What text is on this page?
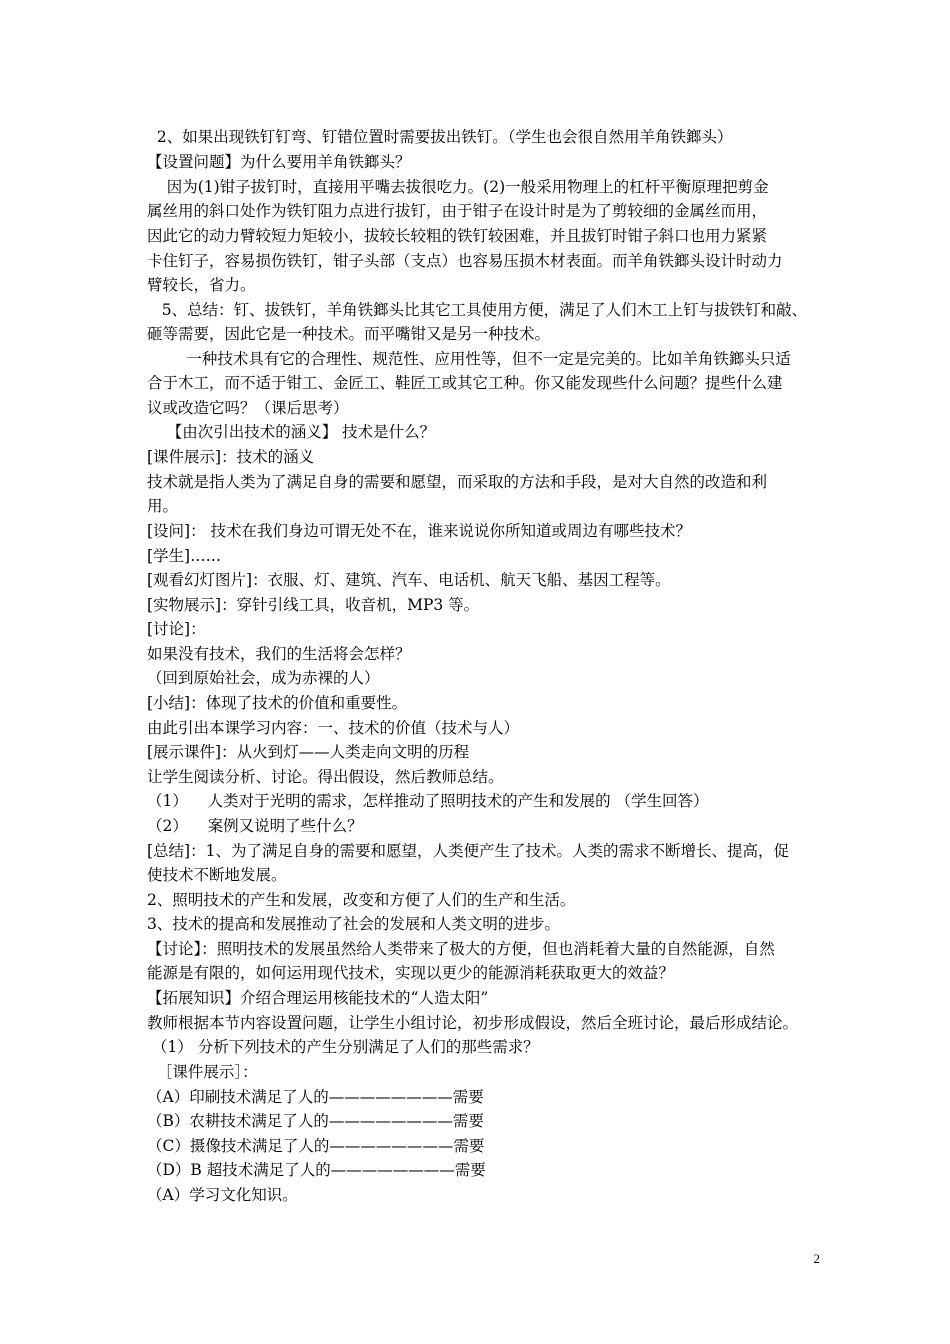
2、如果出现铁钉钉弯、钉错位置时需要拔出铁钉。（学生也会很自然用羊角铁鎯头）
【设置问题】为什么要用羊角铁鎯头？
因为(1)钳子拔钉时，直接用平嘴去拔很吃力。(2)一般采用物理上的杠杆平衡原理把剪金
属丝用的斜口处作为铁钉阻力点进行拔钉，由于钳子在设计时是为了剪较细的金属丝而用，
因此它的动力臂较短力矩较小，拔较长较粗的铁钉较困难，并且拔钉时钳子斜口也用力紧紧
卡住钉子，容易损伤铁钉，钳子头部（支点）也容易压损木材表面。而羊角铁鎯头设计时动力
臂较长，省力。
5、总结：钉、拔铁钉，羊角铁鎯头比其它工具使用方便，满足了人们木工上钉与拔铁钉和敲、
砸等需要，因此它是一种技术。而平嘴钳又是另一种技术。
一种技术具有它的合理性、规范性、应用性等，但不一定是完美的。比如羊角铁鎯头只适
合于木工，而不适于钳工、金匠工、鞋匠工或其它工种。你又能发现些什么问题？提些什么建
议或改造它吗？（课后思考）
【由次引出技术的涵义】 技术是什么？
[课件展示]：技术的涵义
技术就是指人类为了满足自身的需要和愿望，而采取的方法和手段，是对大自然的改造和利
用。
[设问]： 技术在我们身边可谓无处不在，谁来说说你所知道或周边有哪些技术？
[学生]……
[观看幻灯图片]：衣服、灯、建筑、汽车、电话机、航天飞船、基因工程等。
[实物展示]：穿针引线工具，收音机，MP3 等。
[讨论]：
如果没有技术，我们的生活将会怎样？
（回到原始社会，成为赤裸的人）
[小结]：体现了技术的价值和重要性。
由此引出本课学习内容：一、技术的价值（技术与人）
[展示课件]：从火到灯——人类走向文明的历程
让学生阅读分析、讨论。得出假设，然后教师总结。
（1）    人类对于光明的需求，怎样推动了照明技术的产生和发展的 （学生回答）
（2）    案例又说明了些什么？
[总结]：1、为了满足自身的需要和愿望，人类便产生了技术。人类的需求不断增长、提高，促
使技术不断地发展。
2、照明技术的产生和发展，改变和方便了人们的生产和生活。
3、技术的提高和发展推动了社会的发展和人类文明的进步。
【讨论】：照明技术的发展虽然给人类带来了极大的方便，但也消耗着大量的自然能源，自然
能源是有限的，如何运用现代技术，实现以更少的能源消耗获取更大的效益？
【拓展知识】介绍合理运用核能技术的“人造太阳”
教师根据本节内容设置问题，让学生小组讨论，初步形成假设，然后全班讨论，最后形成结论。
（1） 分析下列技术的产生分别满足了人们的那些需求？
［课件展示］：
（A）印刷技术满足了人的————————需要
（B）农耕技术满足了人的————————需要
（C）摄像技术满足了人的————————需要
（D）B 超技术满足了人的————————需要
（A）学习文化知识。
2
